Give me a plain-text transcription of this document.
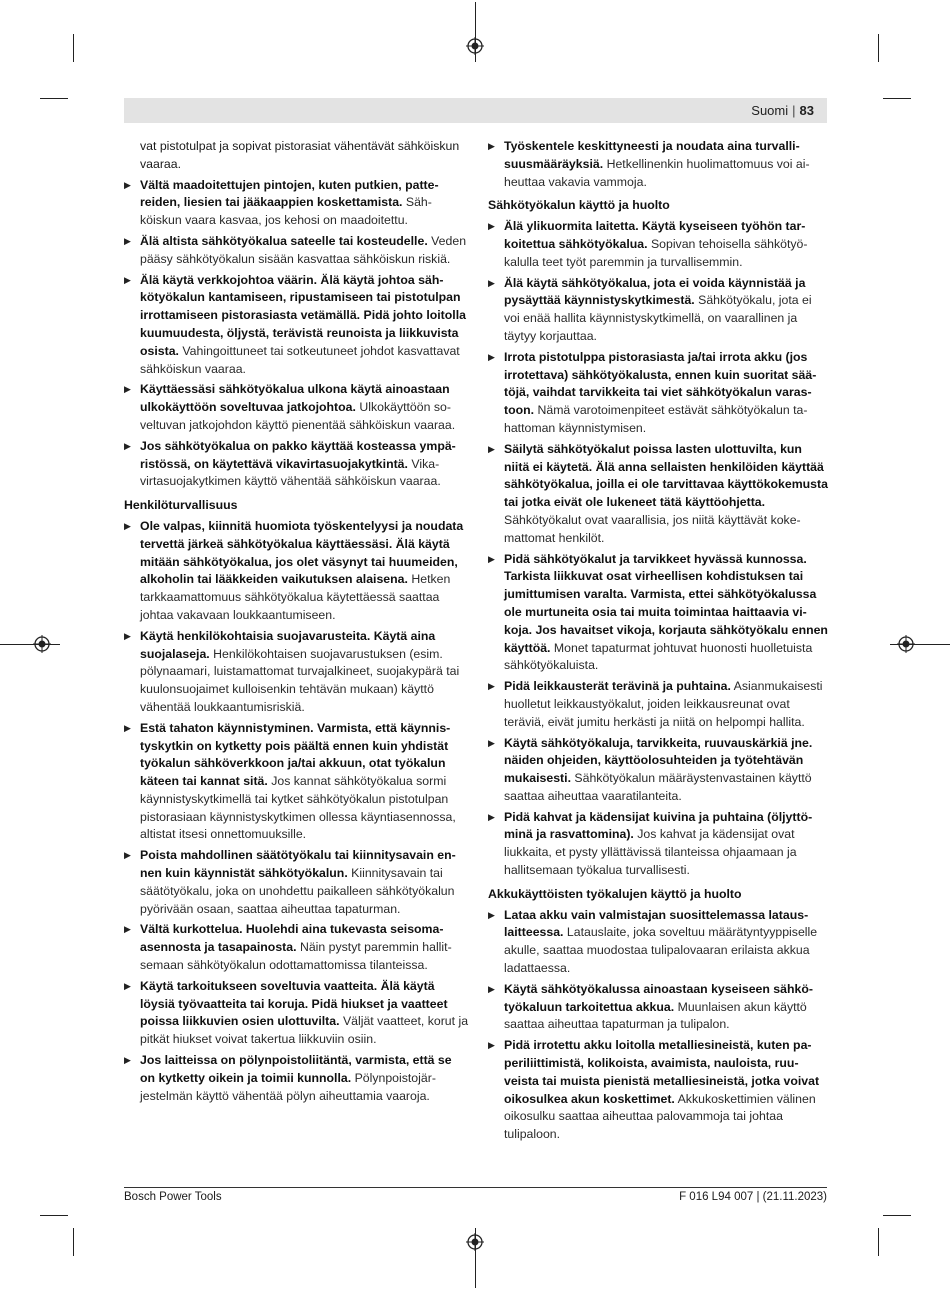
Suomi | 83
vat pistotulpat ja sopivat pistorasiat vähentävät sähköiskun vaaraa.
▶ Vältä maadoitettujen pintojen, kuten putkien, pattereiden, liesien tai jääkaappien koskettamista. Sähköiskun vaara kasvaa, jos kehosi on maadoitettu.
▶ Älä altista sähkötyökalua sateelle tai kosteudelle. Veden pääsy sähkötyökalun sisään kasvattaa sähköiskun riskiä.
▶ Älä käytä verkkojohtoa väärin. Älä käytä johtoa sähkötyökalun kantamiseen, ripustamiseen tai pistotulpan irrottamiseen pistorasiasta vetämällä. Pidä johto loitolla kuumuudesta, öljystä, terävistä reunoista ja liikkuvista osista. Vahingoittuneet tai sotkeutuneet johdot kasvattavat sähköiskun vaaraa.
▶ Käyttäessäsi sähkötyökalua ulkona käytä ainoastaan ulkokäyttöön soveltuvaa jatkojohtoa. Ulkokäyttöön soveltuvan jatkojohdon käyttö pienentää sähköiskun vaaraa.
▶ Jos sähkötyökalua on pakko käyttää kosteassa ympäristössä, on käytettävä vikavirtasuojakytkintä. Vikavirtasuojakytkimen käyttö vähentää sähköiskun vaaraa.
Henkilöturvallisuus
▶ Ole valpas, kiinnitä huomiota työskentelyysi ja noudata tervettä järkeä sähkötyökalua käyttäessäsi. Älä käytä mitään sähkötyökalua, jos olet väsynyt tai huumeiden, alkoholin tai lääkkeiden vaikutuksen alaisena. Hetken tarkkaamattomuus sähkötyökalua käytettäessä saattaa johtaa vakavaan loukkaantumiseen.
▶ Käytä henkilökohtaisia suojavarusteita. Käytä aina suojalaseja. Henkilökohtaisen suojavarustuksen (esim. pölynaamari, luistamattomat turvajalkineet, suojakypärä tai kuulonsuojaimet kulloisenkin tehtävän mukaan) käyttö vähentää loukkaantumisriskiä.
▶ Estä tahaton käynnistyminen. Varmista, että käynnistyskytkin on kytketty pois päältä ennen kuin yhdistät työkalun sähköverkkoon ja/tai akkuun, otat työkalun käteen tai kannat sitä. Jos kannat sähkötyökalua sormi käynnistyskytkimellä tai kytket sähkötyökalun pistotulpan pistorasiaan käynnistyskytkimen ollessa käyntiasennossa, altistat itsesi onnettomuuksille.
▶ Poista mahdollinen säätötyökalu tai kiinnitysavain ennen kuin käynnistät sähkötyökalun. Kiinnitysavain tai säätötyökalu, joka on unohdettu paikalleen sähkötyökalun pyörivään osaan, saattaa aiheuttaa tapaturman.
▶ Vältä kurkottelua. Huolehdi aina tukevasta seisomaasennosta ja tasapainosta. Näin pystyt paremmin hallitsemaan sähkötyökalun odottamattomissa tilanteissa.
▶ Käytä tarkoitukseen soveltuvia vaatteita. Älä käytä löysiä työvaatteita tai koruja. Pidä hiukset ja vaatteet poissa liikkuvien osien ulottuvilta. Väljät vaatteet, korut ja pitkät hiukset voivat takertua liikkuviin osiin.
▶ Jos laitteissa on pölynpoistoliitäntä, varmista, että se on kytketty oikein ja toimii kunnolla. Pölynpoistojärjestelmän käyttö vähentää pölyn aiheuttamia vaaroja.
▶ Työskentele keskittyneesti ja noudata aina turvallisuusmääräyksiä. Hetkellinenkin huolimattomuus voi aiheuttaa vakavia vammoja.
Sähkötyökalun käyttö ja huolto
▶ Älä ylikuormita laitetta. Käytä kyseiseen työhön tarkoitettua sähkötyökalua. Sopivan tehoisella sähkötyökalulla teet työt paremmin ja turvallisemmin.
▶ Älä käytä sähkötyökalua, jota ei voida käynnistää ja pysäyttää käynnistyskytkimestä. Sähkötyökalu, jota ei voi enää hallita käynnistyskytkimellä, on vaarallinen ja täytyy korjauttaa.
▶ Irrota pistotulppa pistorasiasta ja/tai irrota akku (jos irrotettava) sähkötyökalusta, ennen kuin suoritat säätöjä, vaihdat tarvikkeita tai viet sähkötyökalun varastoon. Nämä varotoimenpiteet estävät sähkötyökalun tahattoman käynnistymisen.
▶ Säilytä sähkötyökalut poissa lasten ulottuvilta, kun niitä ei käytetä. Älä anna sellaisten henkilöiden käyttää sähkötyökalua, joilla ei ole tarvittavaa käyttökokemusta tai jotka eivät ole lukeneet tätä käyttöohjetta. Sähkötyökalut ovat vaarallisia, jos niitä käyttävät kokemattomat henkilöt.
▶ Pidä sähkötyökalut ja tarvikkeet hyvässä kunnossa. Tarkista liikkuvat osat virheellisen kohdistuksen tai jumittumisen varalta. Varmista, ettei sähkötyökalussa ole murtuneita osia tai muita toimintaa haittaavia vikoja. Jos havaitset vikoja, korjauta sähkötyökalu ennen käyttöä. Monet tapaturmat johtuvat huonosti huolletuista sähkötyökaluista.
▶ Pidä leikkausterät terävinä ja puhtaina. Asianmukaisesti huolletut leikkaustyökalut, joiden leikkausreunat ovat teräviä, eivät jumitu herkästi ja niitä on helpompi hallita.
▶ Käytä sähkötyökaluja, tarvikkeita, ruuvauskärkiä jne. näiden ohjeiden, käyttöolosuhteiden ja työtehtävän mukaisesti. Sähkötyökalun määräystenvastainen käyttö saattaa aiheuttaa vaaratilanteita.
▶ Pidä kahvat ja kädensijat kuivina ja puhtaina (öljyttöminä ja rasvattomina). Jos kahvat ja kädensijat ovat liukkaita, et pysty yllättävissä tilanteissa ohjaamaan ja hallitsemaan työkalua turvallisesti.
Akkukäyttöisten työkalujen käyttö ja huolto
▶ Lataa akku vain valmistajan suosittelemassa latauslaitteessa. Latauslaite, joka soveltuu määrätyntyyppiselle akulle, saattaa muodostaa tulipalovaaran erilaista akkua ladattaessa.
▶ Käytä sähkötyökalussa ainoastaan kyseiseen sähkötyökaluun tarkoitettua akkua. Muunlaisen akun käyttö saattaa aiheuttaa tapaturman ja tulipalon.
▶ Pidä irrotettu akku loitolla metalliesineistä, kuten paperiliittimistä, kolikoista, avaimista, nauloista, ruuveista tai muista pienistä metalliesineistä, jotka voivat oikosulkea akun koskettimet. Akkukoskettimien välinen oikosulku saattaa aiheuttaa palovammoja tai johtaa tulipaloon.
Bosch Power Tools	F 016 L94 007 | (21.11.2023)
